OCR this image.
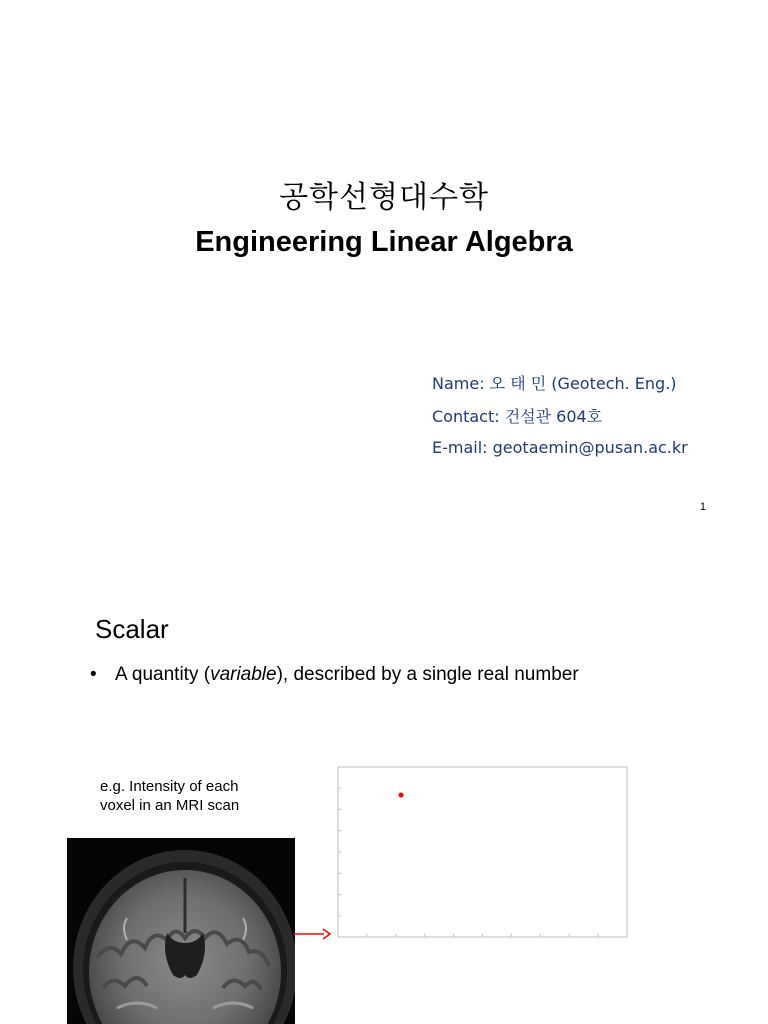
공학선형대수학
Engineering Linear Algebra
Name: 오 태 민 (Geotech. Eng.)
Contact: 건설관 604호
E-mail: geotaemin@pusan.ac.kr
1
Scalar
• A quantity (variable), described by a single real number
e.g. Intensity of each
voxel in an MRI scan
